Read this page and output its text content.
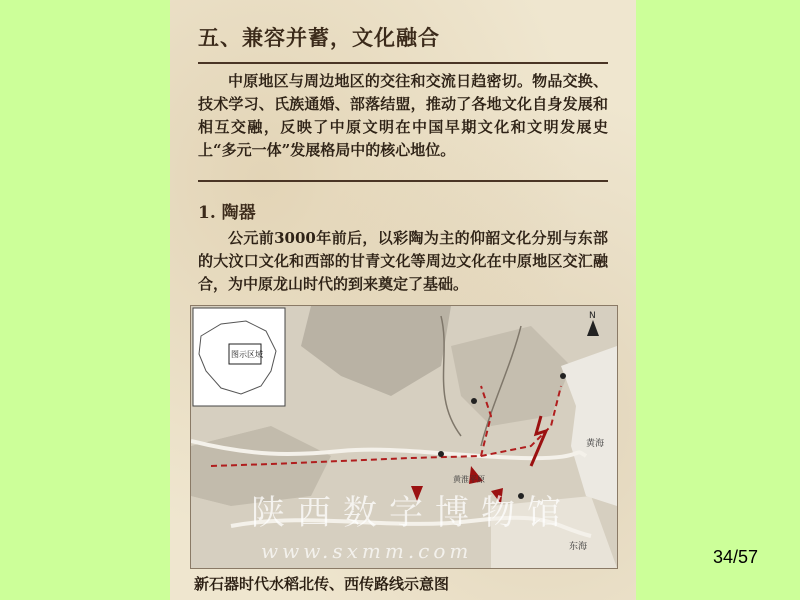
五、兼容并蓄，文化融合
中原地区与周边地区的交往和交流日趋密切。物品交换、技术学习、氏族通婚、部落结盟，推动了各地文化自身发展和相互交融，反映了中原文明在中国早期文化和文明发展史上“多元一体”发展格局中的核心地位。
1. 陶器
公元前3000年前后，以彩陶为主的仰韶文化分别与东部的大汶口文化和西部的甘青文化等周边文化在中原地区交汇融合，为中原龙山时代的到来奠定了基础。
图示区域
黄海
东海
黄淮平原
N
陕西数字博物馆
www.sxmm.com
新石器时代水稻北传、西传路线示意图
34/57
